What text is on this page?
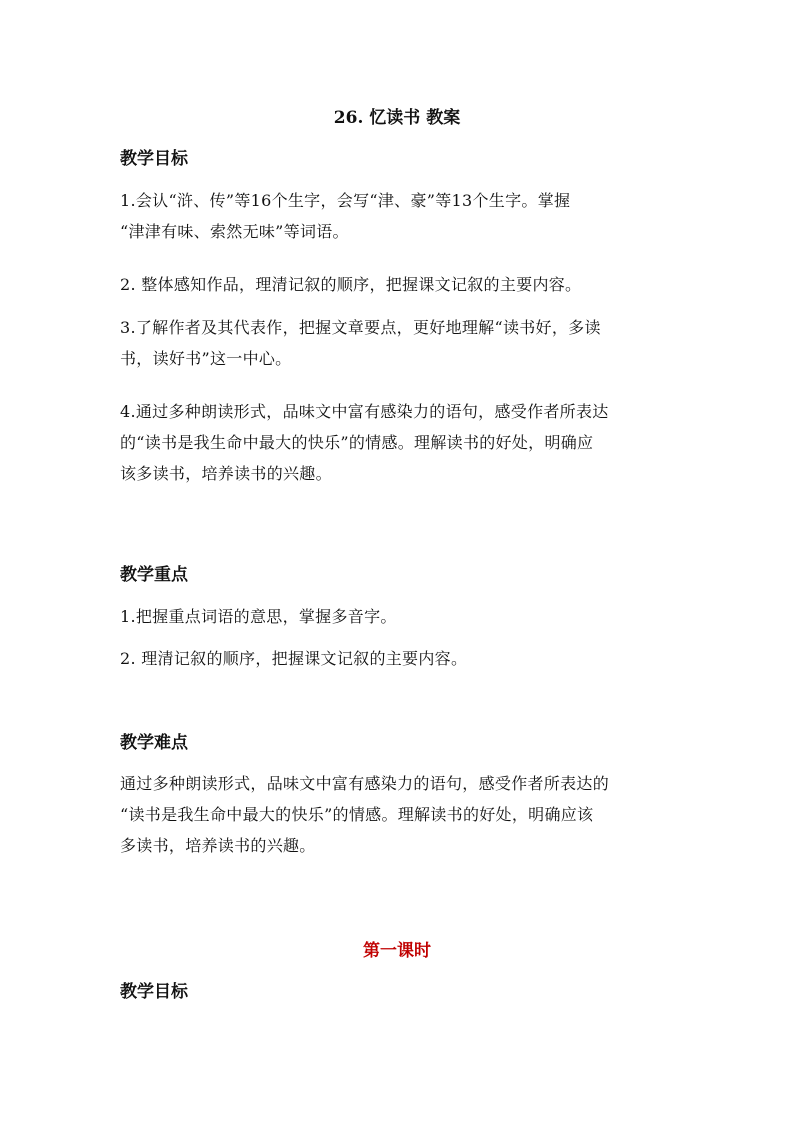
26. 忆读书 教案
教学目标
1.会认“浒、传”等16个生字，会写“津、豪”等13个生字。掌握
“津津有味、索然无味”等词语。
2. 整体感知作品，理清记叙的顺序，把握课文记叙的主要内容。
3.了解作者及其代表作，把握文章要点，更好地理解“读书好，多读
书，读好书”这一中心。
4.通过多种朗读形式，品味文中富有感染力的语句，感受作者所表达
的“读书是我生命中最大的快乐”的情感。理解读书的好处，明确应
该多读书，培养读书的兴趣。
教学重点
1.把握重点词语的意思，掌握多音字。
2. 理清记叙的顺序，把握课文记叙的主要内容。
教学难点
通过多种朗读形式，品味文中富有感染力的语句，感受作者所表达的
“读书是我生命中最大的快乐”的情感。理解读书的好处，明确应该
多读书，培养读书的兴趣。
第一课时
教学目标
